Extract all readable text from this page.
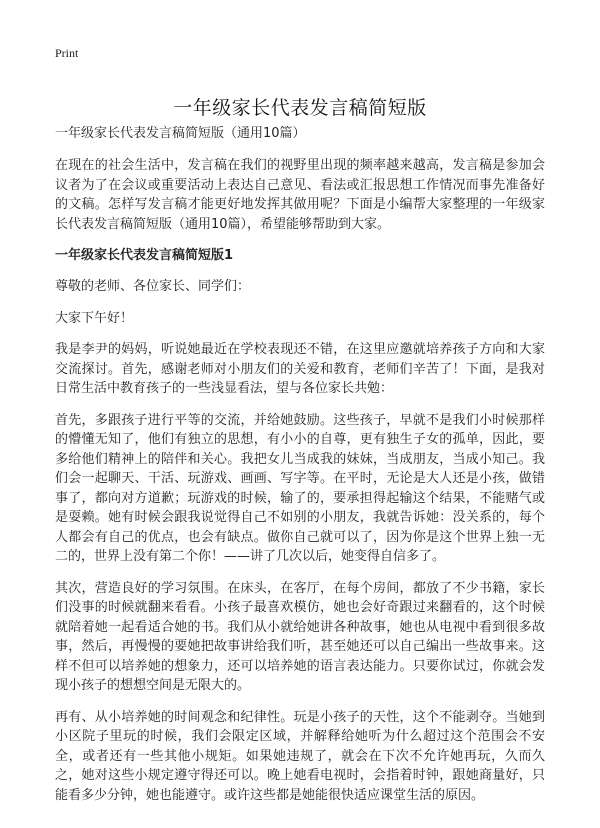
Print
一年级家长代表发言稿简短版
一年级家长代表发言稿简短版（通用10篇）

在现在的社会生活中，发言稿在我们的视野里出现的频率越来越高，发言稿是参加会议者为了在会议或重要活动上表达自己意见、看法或汇报思想工作情况而事先准备好的文稿。怎样写发言稿才能更好地发挥其做用呢？下面是小编帮大家整理的一年级家长代表发言稿简短版（通用10篇），希望能够帮助到大家。

一年级家长代表发言稿简短版1

尊敬的老师、各位家长、同学们：

大家下午好！

我是李尹的妈妈，听说她最近在学校表现还不错，在这里应邀就培养孩子方向和大家交流探讨。首先，感谢老师对小朋友们的关爱和教育，老师们辛苦了！下面，是我对日常生活中教育孩子的一些浅显看法，望与各位家长共勉：

首先，多跟孩子进行平等的交流，并给她鼓励。这些孩子，早就不是我们小时候那样的懵懂无知了，他们有独立的思想，有小小的自尊，更有独生子女的孤单，因此，要多给他们精神上的陪伴和关心。我把女儿当成我的妹妹，当成朋友，当成小知己。我们会一起聊天、干活、玩游戏、画画、写字等。在平时，无论是大人还是小孩，做错事了，都向对方道歉；玩游戏的时候，输了的，要承担得起输这个结果，不能赌气或是耍赖。她有时候会跟我说觉得自己不如别的小朋友，我就告诉她：没关系的，每个人都会有自己的优点，也会有缺点。做你自己就可以了，因为你是这个世界上独一无二的，世界上没有第二个你！——讲了几次以后，她变得自信多了。

其次，营造良好的学习氛围。在床头，在客厅，在每个房间，都放了不少书籍，家长们没事的时候就翻来看看。小孩子最喜欢模仿，她也会好奇跟过来翻看的，这个时候就陪着她一起看适合她的书。我们从小就给她讲各种故事，她也从电视中看到很多故事，然后，再慢慢的要她把故事讲给我们听，甚至她还可以自己编出一些故事来。这样不但可以培养她的想象力，还可以培养她的语言表达能力。只要你试过，你就会发现小孩子的想想空间是无限大的。

再有、从小培养她的时间观念和纪律性。玩是小孩子的天性，这个不能剥夺。当她到小区院子里玩的时候，我们会限定区域，并解释给她听为什么超过这个范围会不安全，或者还有一些其他小规矩。如果她违规了，就会在下次不允许她再玩，久而久之，她对这些小规定遵守得还可以。晚上她看电视时，会指着时钟，跟她商量好，只能看多少分钟，她也能遵守。或许这些都是她能很快适应课堂生活的原因。
